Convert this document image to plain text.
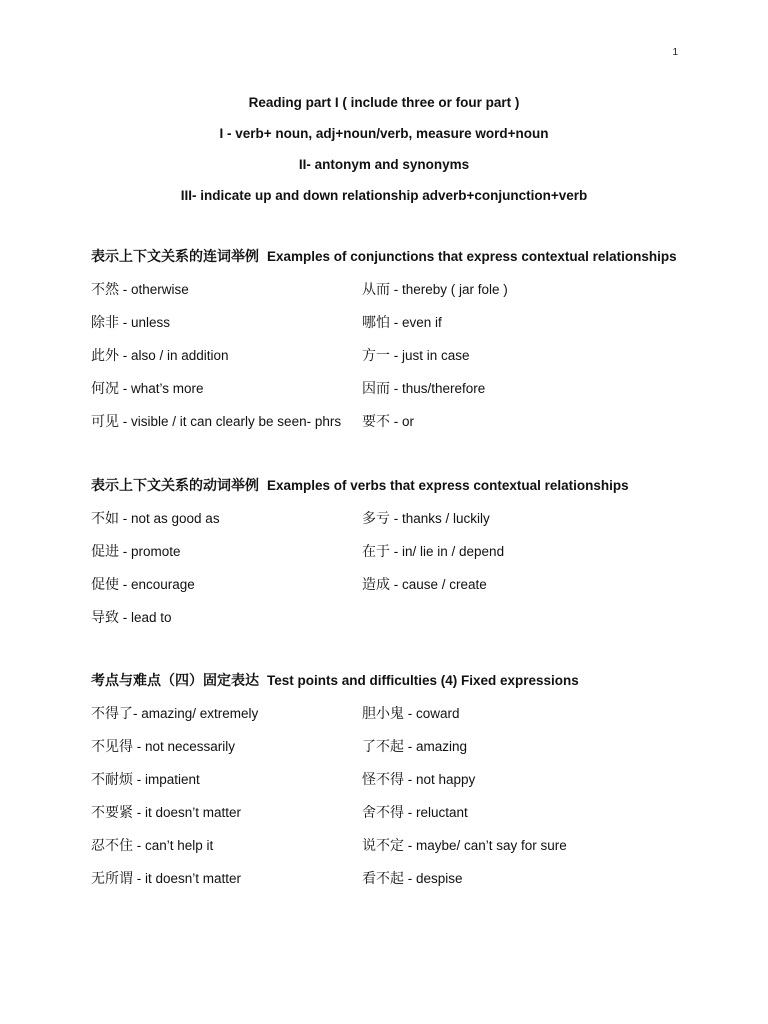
1
Reading part I ( include three or four part )
I - verb+ noun, adj+noun/verb, measure word+noun
II- antonym and synonyms
III- indicate up and down relationship adverb+conjunction+verb
表示上下文关系的连词举例 Examples of conjunctions that express contextual relationships
不然 - otherwise	从而 - thereby ( jar fole )
除非 - unless	哪怕 - even if
此外 - also / in addition	方一 - just in case
何况 - what’s more	因而 - thus/therefore
可见 - visible / it can clearly be seen- phrs	要不 - or
表示上下文关系的动词举例 Examples of verbs that express contextual relationships
不如 - not as good as	多亏 - thanks / luckily
促进 - promote	在于 - in/ lie in / depend
促使 - encourage	造成 - cause / create
导致 - lead to
考点与难点（四）固定表达 Test points and difficulties (4) Fixed expressions
不得了- amazing/ extremely	胆小鬼 - coward
不见得 - not necessarily	了不起 - amazing
不耐烦 - impatient	怪不得 - not happy
不要紧 - it doesn’t matter	舍不得 - reluctant
忍不住 - can’t help it	说不定 - maybe/ can’t say for sure
无所谓 - it doesn’t matter	看不起 - despise
